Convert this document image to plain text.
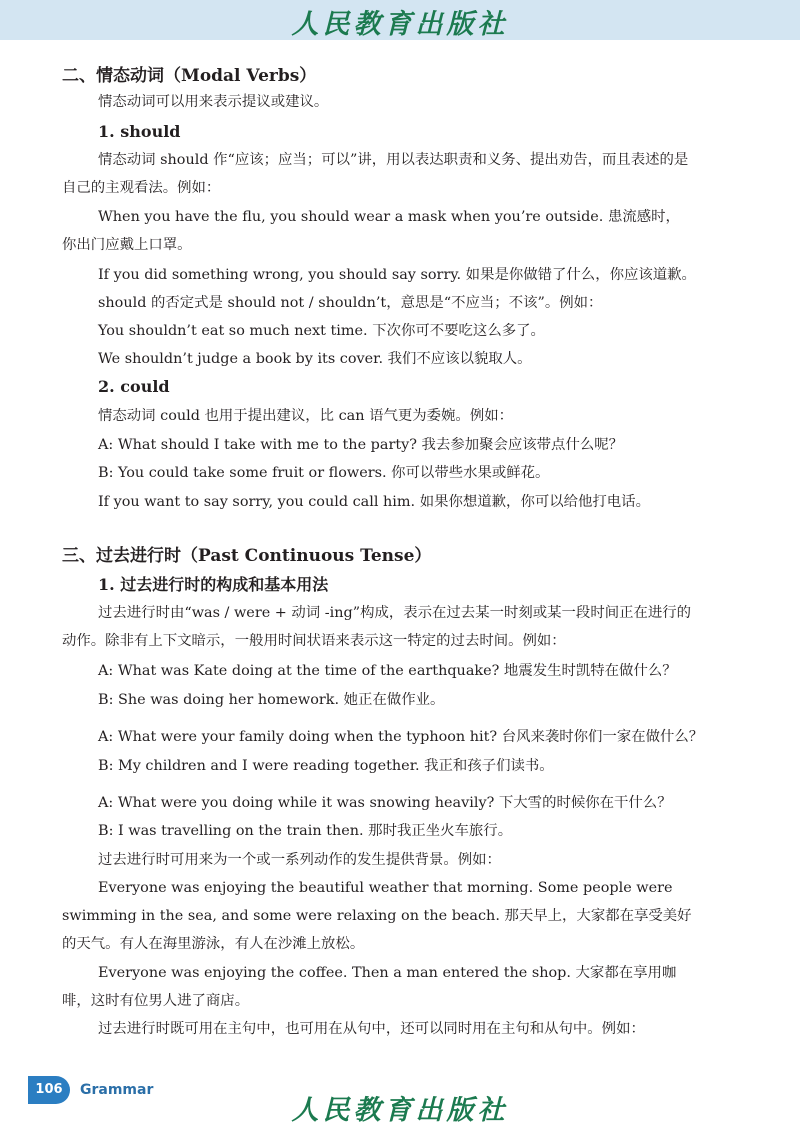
人民教育出版社
二、情态动词（Modal Verbs）

情态动词可以用来表示提议或建议。

1. should

情态动词 should 作“应该；应当；可以”讲，用以表达职责和义务、提出劝告，而且表述的是自己的主观看法。例如：

When you have the flu, you should wear a mask when you’re outside. 患流感时，你出门应戴上口罩。

If you did something wrong, you should say sorry. 如果是你做错了什么，你应该道歉。

should 的否定式是 should not / shouldn’t，意思是“不应当；不该”。例如：

You shouldn’t eat so much next time. 下次你可不要吃这么多了。

We shouldn’t judge a book by its cover. 我们不应该以貌取人。

2. could

情态动词 could 也用于提出建议，比 can 语气更为委婉。例如：

A: What should I take with me to the party? 我去参加聚会应该带点什么呢？

B: You could take some fruit or flowers. 你可以带些水果或鲜花。

If you want to say sorry, you could call him. 如果你想道歉，你可以给他打电话。

三、过去进行时（Past Continuous Tense）
1. 过去进行时的构成和基本用法

过去进行时由“was / were + 动词 -ing”构成，表示在过去某一时刻或某一段时间正在进行的动作。除非有上下文暗示，一般用时间状语来表示这一特定的过去时间。例如：

A: What was Kate doing at the time of the earthquake? 地震发生时凯特在做什么？

B: She was doing her homework. 她正在做作业。

A: What were your family doing when the typhoon hit? 台风来袭时你们一家在做什么？

B: My children and I were reading together. 我正和孩子们读书。

A: What were you doing while it was snowing heavily? 下大雪的时候你在干什么？

B: I was travelling on the train then. 那时我正坐火车旅行。

过去进行时可用来为一个或一系列动作的发生提供背景。例如：

Everyone was enjoying the beautiful weather that morning. Some people were swimming in the sea, and some were relaxing on the beach. 那天早上，大家都在享受美好的天气。有人在海里游泳，有人在沙滩上放松。

Everyone was enjoying the coffee. Then a man entered the shop. 大家都在享用咖啡，这时有位男人进了商店。

过去进行时既可用在主句中，也可用在从句中，还可以同时用在主句和从句中。例如：

106	Grammar
人民教育出版社
